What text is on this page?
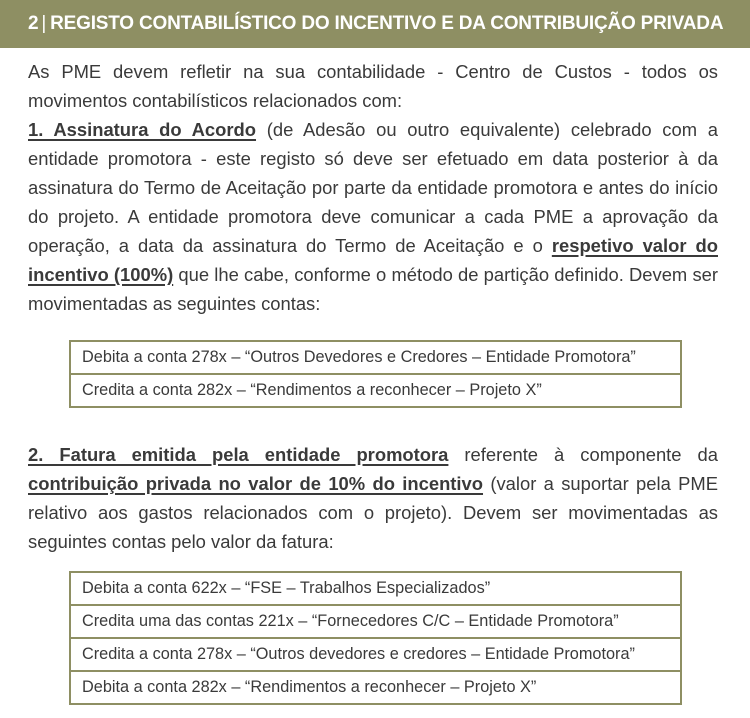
2 | REGISTO CONTABILÍSTICO DO INCENTIVO E DA CONTRIBUIÇÃO PRIVADA
As PME devem refletir na sua contabilidade - Centro de Custos - todos os movimentos contabilísticos relacionados com:
1. Assinatura do Acordo (de Adesão ou outro equivalente) celebrado com a entidade promotora - este registo só deve ser efetuado em data posterior à da assinatura do Termo de Aceitação por parte da entidade promotora e antes do início do projeto. A entidade promotora deve comunicar a cada PME a aprovação da operação, a data da assinatura do Termo de Aceitação e o respetivo valor do incentivo (100%) que lhe cabe, conforme o método de partição definido. Devem ser movimentadas as seguintes contas:
Debita a conta 278x – “Outros Devedores e Credores – Entidade Promotora”
Credita a conta 282x – “Rendimentos a reconhecer – Projeto X”
2. Fatura emitida pela entidade promotora referente à componente da contribuição privada no valor de 10% do incentivo (valor a suportar pela PME relativo aos gastos relacionados com o projeto). Devem ser movimentadas as seguintes contas pelo valor da fatura:
Debita a conta 622x – “FSE – Trabalhos Especializados”
Credita uma das contas 221x – “Fornecedores C/C – Entidade Promotora”
Credita a conta 278x – “Outros devedores e credores – Entidade Promotora”
Debita a conta 282x – “Rendimentos a reconhecer – Projeto X”
